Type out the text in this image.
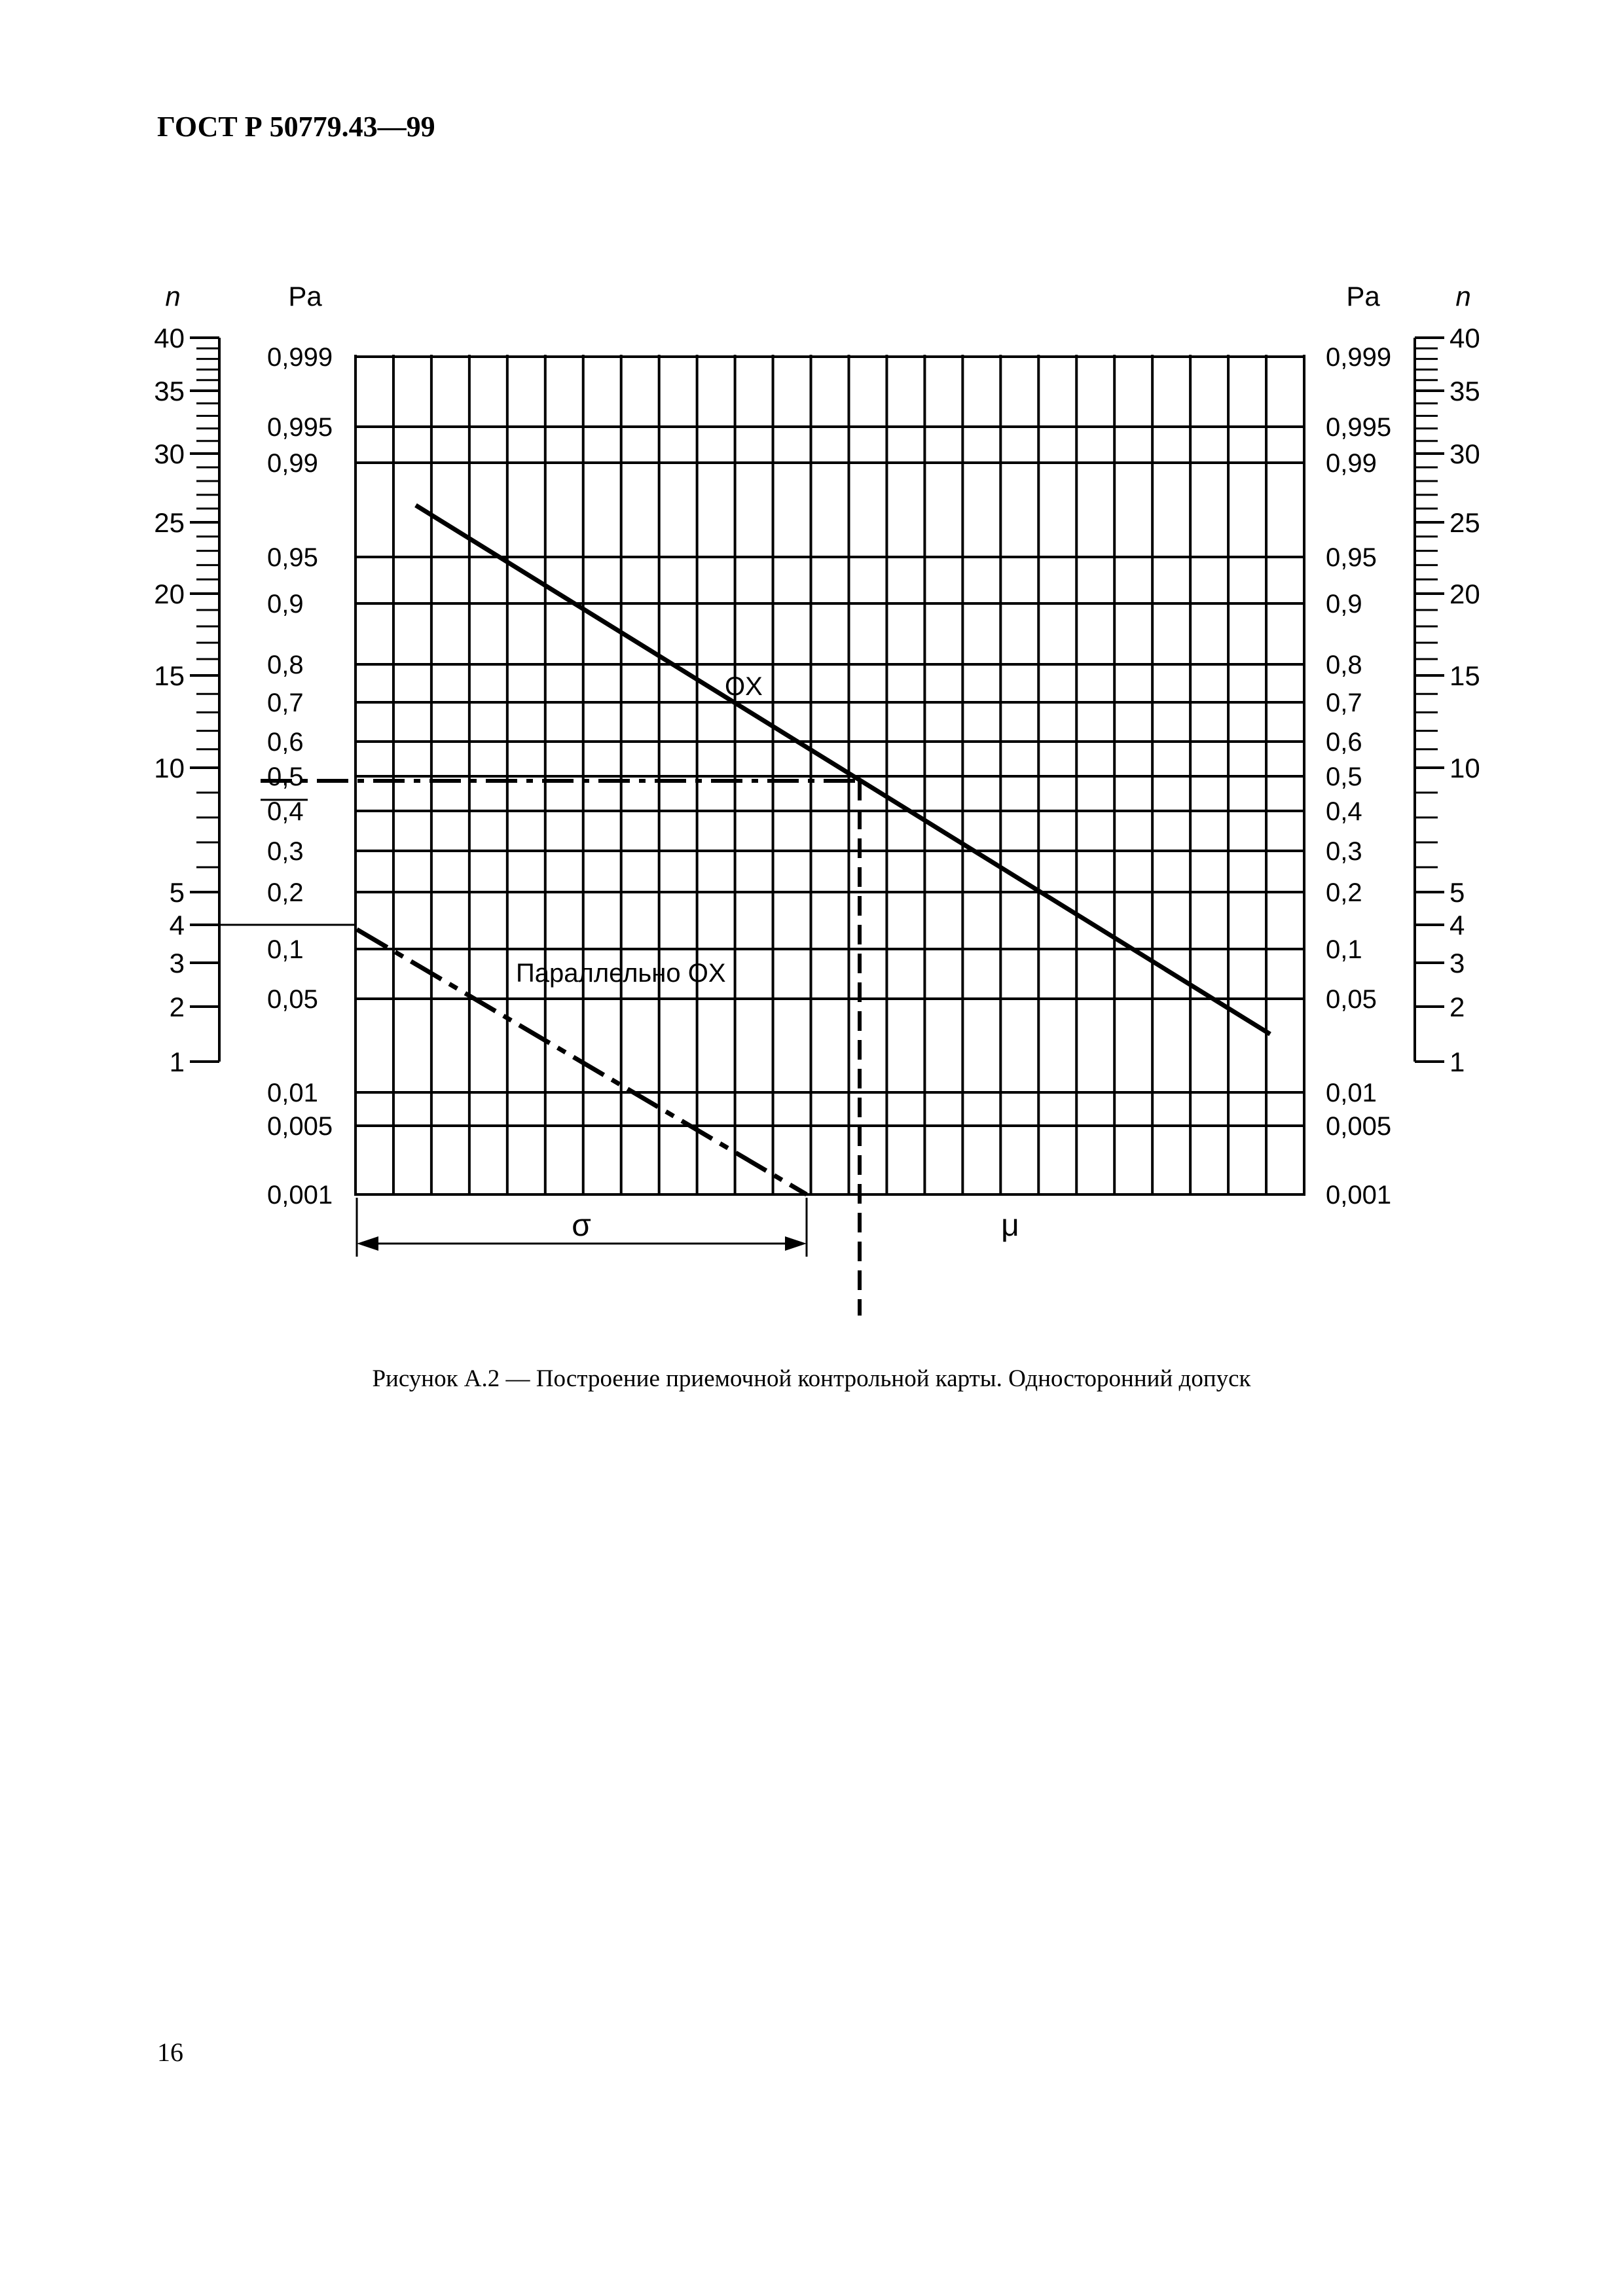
ГОСТ Р 50779.43—99
0,999	0,999
0,995	0,995
0,99	0,99
0,95	0,95
0,9	0,9
0,8	0,8
0,7	0,7
0,6	0,6
0,5	0,5
0,4	0,4
0,3	0,3
0,2	0,2
0,1	0,1
0,05	0,05
0,01	0,01
0,005	0,005
0,001	0,001
40	40
35	35
30	30
25	25
20	20
15	15
10	10
5	5
4	4
3	3
2	2
1	1
OX
Параллельно OX
σ	μ
n	Pa	Pa	n
Рисунок А.2 — Построение приемочной контрольной карты. Односторонний допуск
16
